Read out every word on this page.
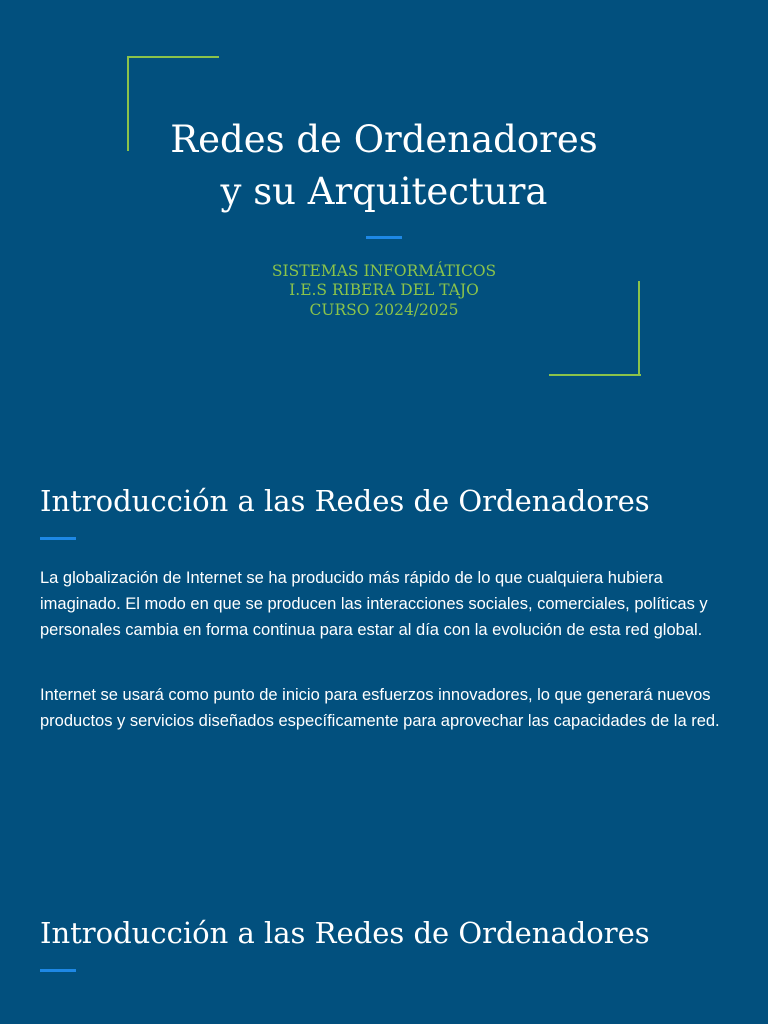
Redes de Ordenadores
y su Arquitectura
SISTEMAS INFORMÁTICOS
I.E.S RIBERA DEL TAJO
CURSO 2024/2025
Introducción a las Redes de Ordenadores

La globalización de Internet se ha producido más rápido de lo que cualquiera hubiera imaginado. El modo en que se producen las interacciones sociales, comerciales, políticas y personales cambia en forma continua para estar al día con la evolución de esta red global.

Internet se usará como punto de inicio para esfuerzos innovadores, lo que generará nuevos productos y servicios diseñados específicamente para aprovechar las capacidades de la red.

Introducción a las Redes de Ordenadores
